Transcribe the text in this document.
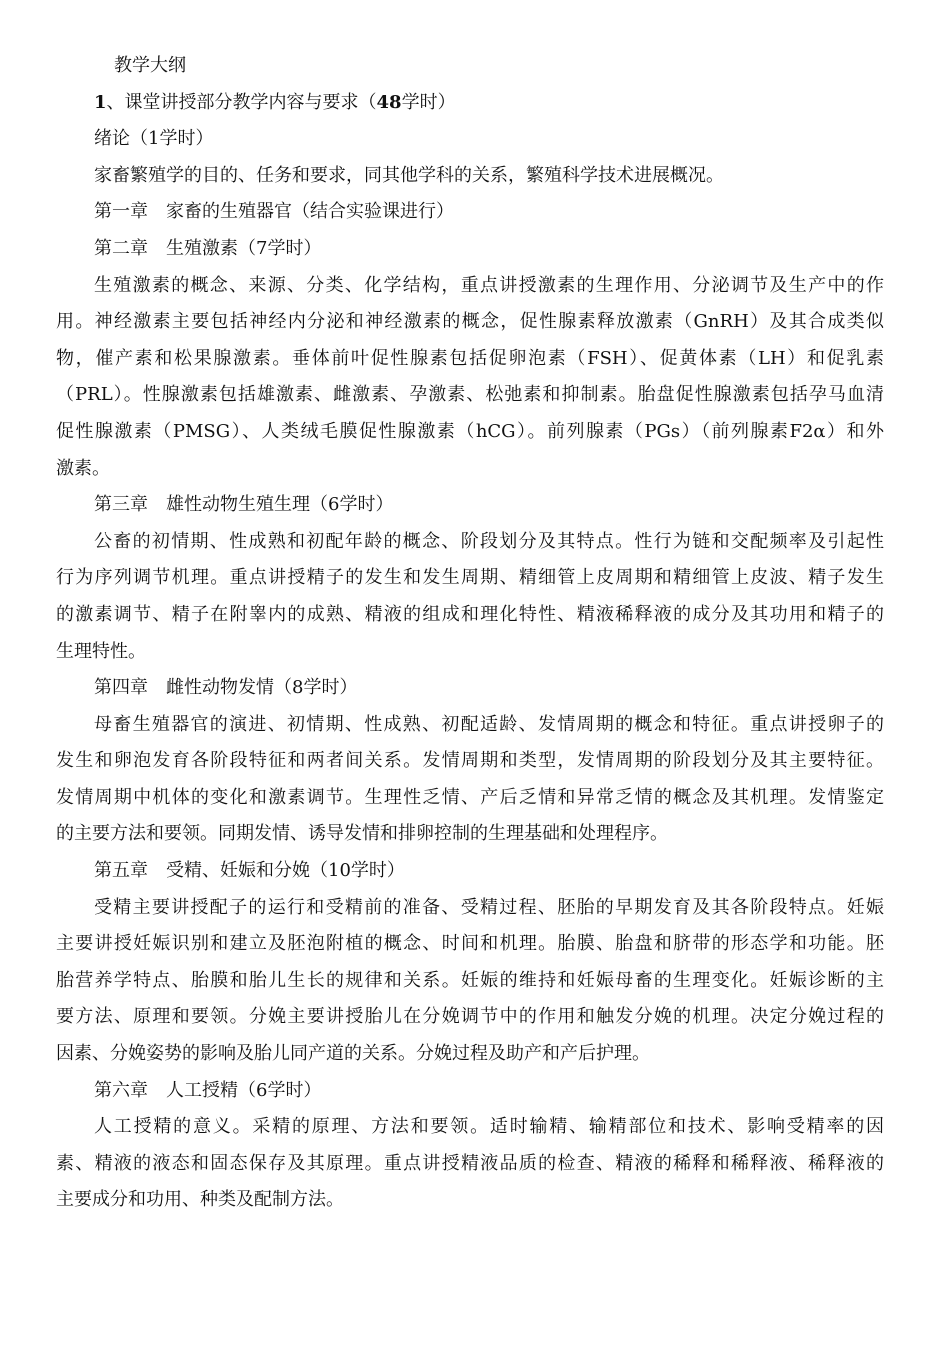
教学大纲
1、课堂讲授部分教学内容与要求（48学时）
绪论（1学时）
家畜繁殖学的目的、任务和要求，同其他学科的关系，繁殖科学技术进展概况。
第一章　家畜的生殖器官（结合实验课进行）
第二章　生殖激素（7学时）
生殖激素的概念、来源、分类、化学结构，重点讲授激素的生理作用、分泌调节及生产中的作
用。神经激素主要包括神经内分泌和神经激素的概念，促性腺素释放激素（GnRH）及其合成类似
物，催产素和松果腺激素。垂体前叶促性腺素包括促卵泡素（FSH）、促黄体素（LH）和促乳素
（PRL）。性腺激素包括雄激素、雌激素、孕激素、松弛素和抑制素。胎盘促性腺激素包括孕马血清
促性腺激素（PMSG）、人类绒毛膜促性腺激素（hCG）。前列腺素（PGs）（前列腺素F2α）和外
激素。
第三章　雄性动物生殖生理（6学时）
公畜的初情期、性成熟和初配年龄的概念、阶段划分及其特点。性行为链和交配频率及引起性
行为序列调节机理。重点讲授精子的发生和发生周期、精细管上皮周期和精细管上皮波、精子发生
的激素调节、精子在附睾内的成熟、精液的组成和理化特性、精液稀释液的成分及其功用和精子的
生理特性。
第四章　雌性动物发情（8学时）
母畜生殖器官的演进、初情期、性成熟、初配适龄、发情周期的概念和特征。重点讲授卵子的
发生和卵泡发育各阶段特征和两者间关系。发情周期和类型，发情周期的阶段划分及其主要特征。
发情周期中机体的变化和激素调节。生理性乏情、产后乏情和异常乏情的概念及其机理。发情鉴定
的主要方法和要领。同期发情、诱导发情和排卵控制的生理基础和处理程序。
第五章　受精、妊娠和分娩（10学时）
受精主要讲授配子的运行和受精前的准备、受精过程、胚胎的早期发育及其各阶段特点。妊娠
主要讲授妊娠识别和建立及胚泡附植的概念、时间和机理。胎膜、胎盘和脐带的形态学和功能。胚
胎营养学特点、胎膜和胎儿生长的规律和关系。妊娠的维持和妊娠母畜的生理变化。妊娠诊断的主
要方法、原理和要领。分娩主要讲授胎儿在分娩调节中的作用和触发分娩的机理。决定分娩过程的
因素、分娩姿势的影响及胎儿同产道的关系。分娩过程及助产和产后护理。
第六章　人工授精（6学时）
人工授精的意义。采精的原理、方法和要领。适时输精、输精部位和技术、影响受精率的因
素、精液的液态和固态保存及其原理。重点讲授精液品质的检查、精液的稀释和稀释液、稀释液的
主要成分和功用、种类及配制方法。
